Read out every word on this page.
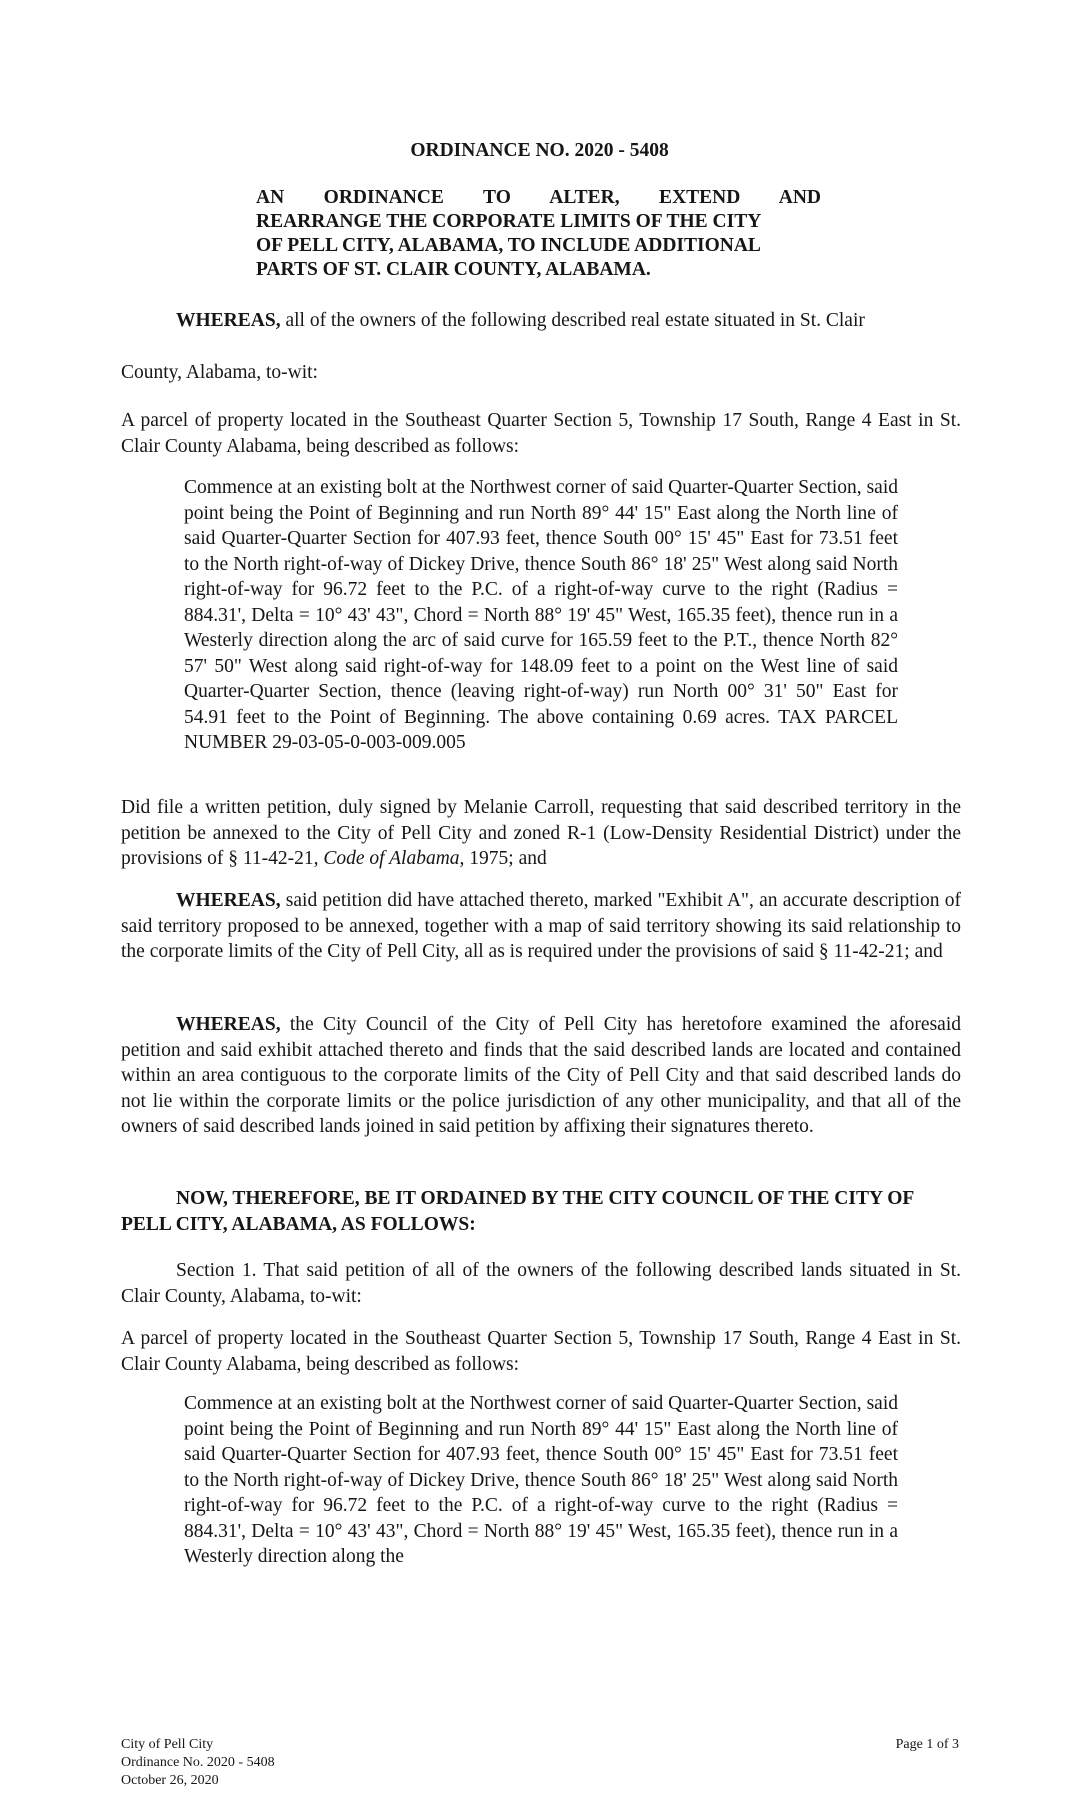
ORDINANCE NO. 2020 - 5408
AN ORDINANCE TO ALTER, EXTEND AND
REARRANGE THE CORPORATE LIMITS OF THE CITY
OF PELL CITY, ALABAMA, TO INCLUDE ADDITIONAL
PARTS OF ST. CLAIR COUNTY, ALABAMA.

WHEREAS, all of the owners of the following described real estate situated in St. Clair

County, Alabama, to-wit:

A parcel of property located in the Southeast Quarter Section 5, Township 17 South, Range 4 East in St. Clair County Alabama, being described as follows:

Commence at an existing bolt at the Northwest corner of said Quarter-Quarter Section, said point being the Point of Beginning and run North 89° 44' 15" East along the North line of said Quarter-Quarter Section for 407.93 feet, thence South 00° 15' 45" East for 73.51 feet to the North right-of-way of Dickey Drive, thence South 86° 18' 25" West along said North right-of-way for 96.72 feet to the P.C. of a right-of-way curve to the right (Radius = 884.31', Delta = 10° 43' 43", Chord = North 88° 19' 45" West, 165.35 feet), thence run in a Westerly direction along the arc of said curve for 165.59 feet to the P.T., thence North 82° 57' 50" West along said right-of-way for 148.09 feet to a point on the West line of said Quarter-Quarter Section, thence (leaving right-of-way) run North 00° 31' 50" East for 54.91 feet to the Point of Beginning. The above containing 0.69 acres. TAX PARCEL NUMBER 29-03-05-0-003-009.005

Did file a written petition, duly signed by Melanie Carroll, requesting that said described territory in the petition be annexed to the City of Pell City and zoned R-1 (Low-Density Residential District) under the provisions of § 11-42-21, Code of Alabama, 1975; and

WHEREAS, said petition did have attached thereto, marked "Exhibit A", an accurate description of said territory proposed to be annexed, together with a map of said territory showing its said relationship to the corporate limits of the City of Pell City, all as is required under the provisions of said § 11-42-21; and

WHEREAS, the City Council of the City of Pell City has heretofore examined the aforesaid petition and said exhibit attached thereto and finds that the said described lands are located and contained within an area contiguous to the corporate limits of the City of Pell City and that said described lands do not lie within the corporate limits or the police jurisdiction of any other municipality, and that all of the owners of said described lands joined in said petition by affixing their signatures thereto.

NOW, THEREFORE, BE IT ORDAINED BY THE CITY COUNCIL OF THE CITY OF PELL CITY, ALABAMA, AS FOLLOWS:

Section 1. That said petition of all of the owners of the following described lands situated in St. Clair County, Alabama, to-wit:

A parcel of property located in the Southeast Quarter Section 5, Township 17 South, Range 4 East in St. Clair County Alabama, being described as follows:

Commence at an existing bolt at the Northwest corner of said Quarter-Quarter Section, said point being the Point of Beginning and run North 89° 44' 15" East along the North line of said Quarter-Quarter Section for 407.93 feet, thence South 00° 15' 45" East for 73.51 feet to the North right-of-way of Dickey Drive, thence South 86° 18' 25" West along said North right-of-way for 96.72 feet to the P.C. of a right-of-way curve to the right (Radius = 884.31', Delta = 10° 43' 43", Chord = North 88° 19' 45" West, 165.35 feet), thence run in a Westerly direction along the

City of Pell City
Ordinance No. 2020 - 5408
October 26, 2020
Page 1 of 3
